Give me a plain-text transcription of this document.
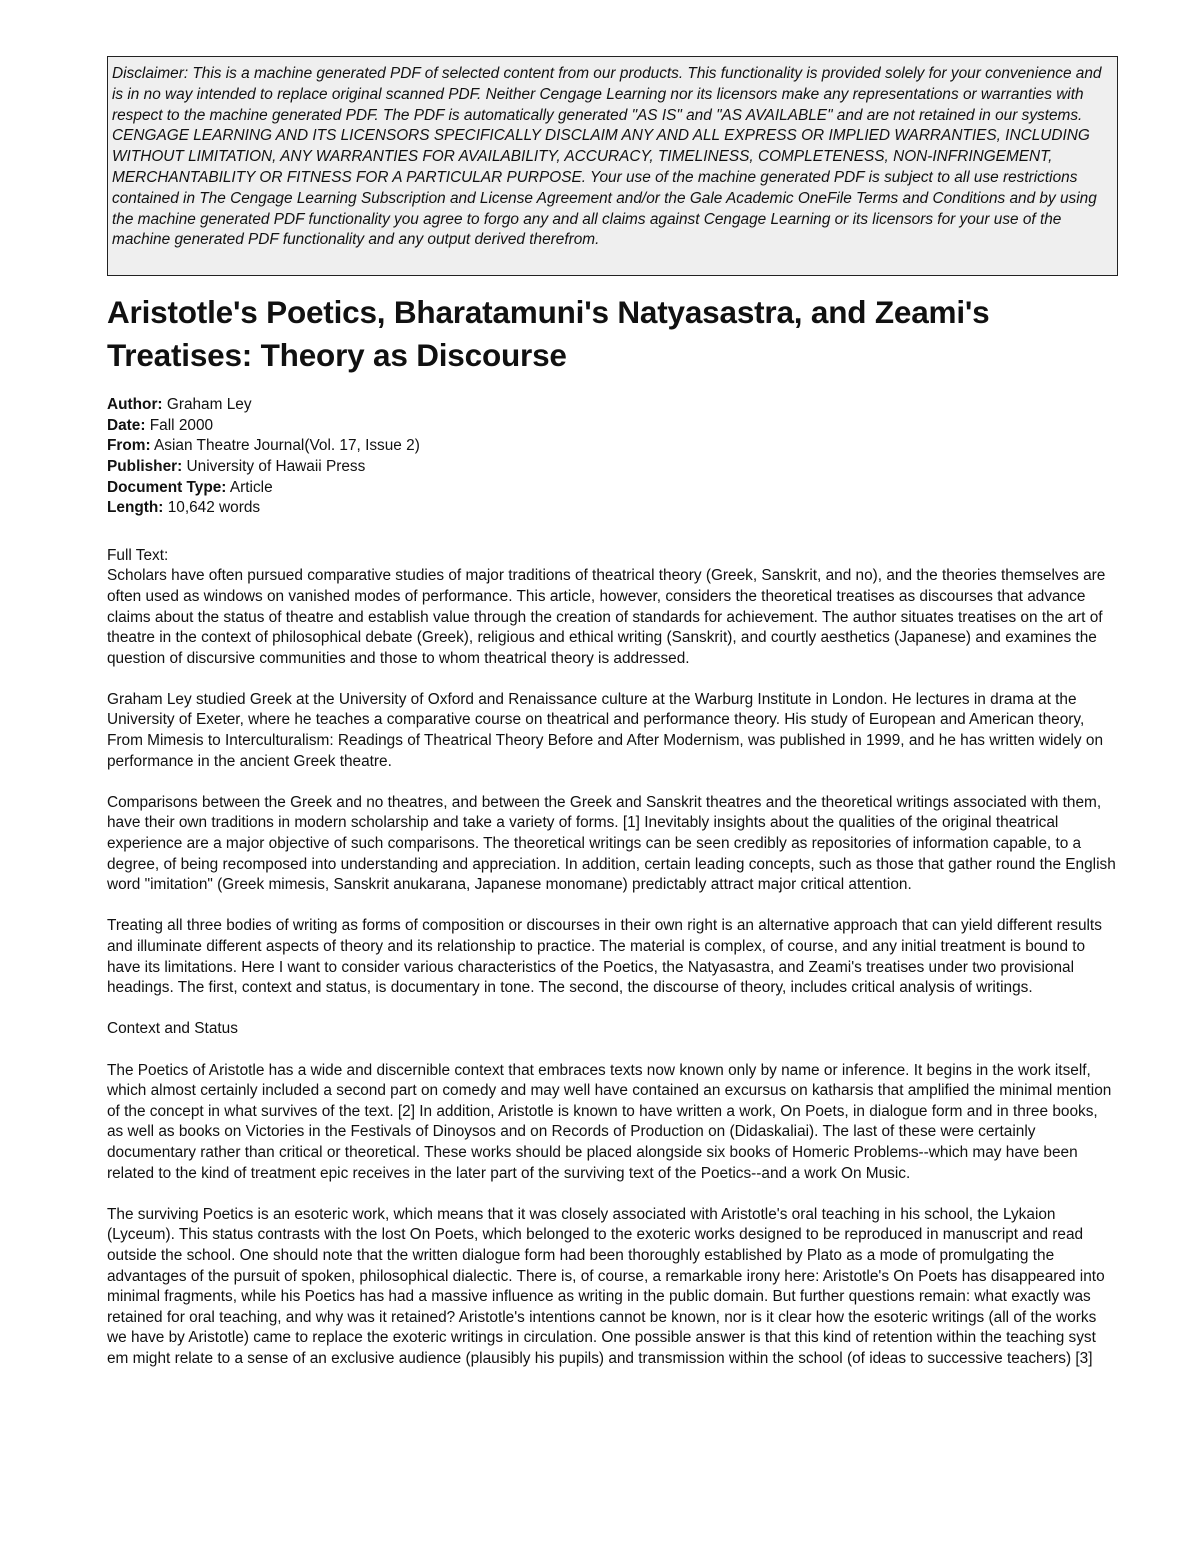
Disclaimer: This is a machine generated PDF of selected content from our products. This functionality is provided solely for your convenience and is in no way intended to replace original scanned PDF. Neither Cengage Learning nor its licensors make any representations or warranties with respect to the machine generated PDF. The PDF is automatically generated "AS IS" and "AS AVAILABLE" and are not retained in our systems. CENGAGE LEARNING AND ITS LICENSORS SPECIFICALLY DISCLAIM ANY AND ALL EXPRESS OR IMPLIED WARRANTIES, INCLUDING WITHOUT LIMITATION, ANY WARRANTIES FOR AVAILABILITY, ACCURACY, TIMELINESS, COMPLETENESS, NON-INFRINGEMENT, MERCHANTABILITY OR FITNESS FOR A PARTICULAR PURPOSE. Your use of the machine generated PDF is subject to all use restrictions contained in The Cengage Learning Subscription and License Agreement and/or the Gale Academic OneFile Terms and Conditions and by using the machine generated PDF functionality you agree to forgo any and all claims against Cengage Learning or its licensors for your use of the machine generated PDF functionality and any output derived therefrom.
Aristotle's Poetics, Bharatamuni's Natyasastra, and Zeami's Treatises: Theory as Discourse
Author: Graham Ley
Date: Fall 2000
From: Asian Theatre Journal(Vol. 17, Issue 2)
Publisher: University of Hawaii Press
Document Type: Article
Length: 10,642 words
Full Text:

Scholars have often pursued comparative studies of major traditions of theatrical theory (Greek, Sanskrit, and no), and the theories themselves are often used as windows on vanished modes of performance. This article, however, considers the theoretical treatises as discourses that advance claims about the status of theatre and establish value through the creation of standards for achievement. The author situates treatises on the art of theatre in the context of philosophical debate (Greek), religious and ethical writing (Sanskrit), and courtly aesthetics (Japanese) and examines the question of discursive communities and those to whom theatrical theory is addressed.

Graham Ley studied Greek at the University of Oxford and Renaissance culture at the Warburg Institute in London. He lectures in drama at the University of Exeter, where he teaches a comparative course on theatrical and performance theory. His study of European and American theory, From Mimesis to Interculturalism: Readings of Theatrical Theory Before and After Modernism, was published in 1999, and he has written widely on performance in the ancient Greek theatre.

Comparisons between the Greek and no theatres, and between the Greek and Sanskrit theatres and the theoretical writings associated with them, have their own traditions in modern scholarship and take a variety of forms. [1] Inevitably insights about the qualities of the original theatrical experience are a major objective of such comparisons. The theoretical writings can be seen credibly as repositories of information capable, to a degree, of being recomposed into understanding and appreciation. In addition, certain leading concepts, such as those that gather round the English word "imitation" (Greek mimesis, Sanskrit anukarana, Japanese monomane) predictably attract major critical attention.

Treating all three bodies of writing as forms of composition or discourses in their own right is an alternative approach that can yield different results and illuminate different aspects of theory and its relationship to practice. The material is complex, of course, and any initial treatment is bound to have its limitations. Here I want to consider various characteristics of the Poetics, the Natyasastra, and Zeami's treatises under two provisional headings. The first, context and status, is documentary in tone. The second, the discourse of theory, includes critical analysis of writings.

Context and Status

The Poetics of Aristotle has a wide and discernible context that embraces texts now known only by name or inference. It begins in the work itself, which almost certainly included a second part on comedy and may well have contained an excursus on katharsis that amplified the minimal mention of the concept in what survives of the text. [2] In addition, Aristotle is known to have written a work, On Poets, in dialogue form and in three books, as well as books on Victories in the Festivals of Dinoysos and on Records of Production on (Didaskaliai). The last of these were certainly documentary rather than critical or theoretical. These works should be placed alongside six books of Homeric Problems--which may have been related to the kind of treatment epic receives in the later part of the surviving text of the Poetics--and a work On Music.

The surviving Poetics is an esoteric work, which means that it was closely associated with Aristotle's oral teaching in his school, the Lykaion (Lyceum). This status contrasts with the lost On Poets, which belonged to the exoteric works designed to be reproduced in manuscript and read outside the school. One should note that the written dialogue form had been thoroughly established by Plato as a mode of promulgating the advantages of the pursuit of spoken, philosophical dialectic. There is, of course, a remarkable irony here: Aristotle's On Poets has disappeared into minimal fragments, while his Poetics has had a massive influence as writing in the public domain. But further questions remain: what exactly was retained for oral teaching, and why was it retained? Aristotle's intentions cannot be known, nor is it clear how the esoteric writings (all of the works we have by Aristotle) came to replace the exoteric writings in circulation. One possible answer is that this kind of retention within the teaching syst em might relate to a sense of an exclusive audience (plausibly his pupils) and transmission within the school (of ideas to successive teachers) [3]
